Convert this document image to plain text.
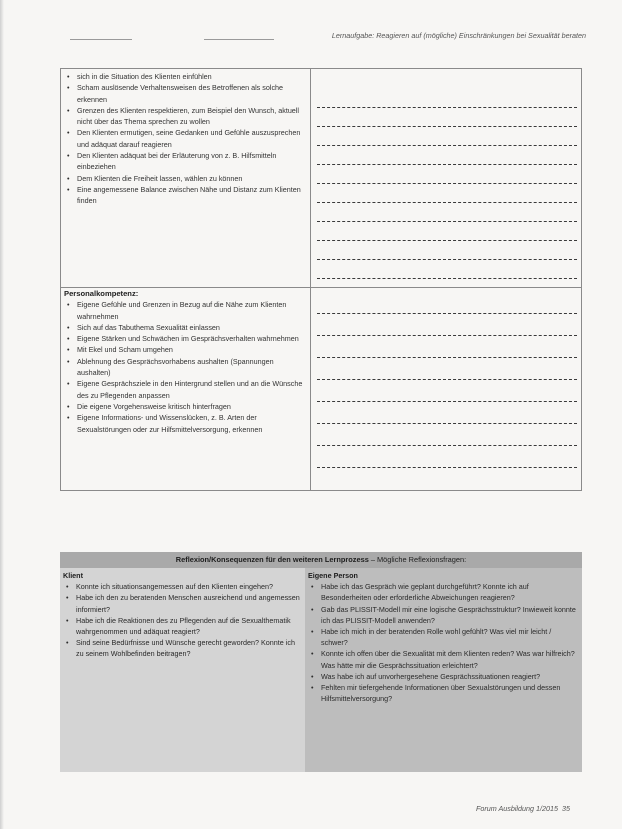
Lernaufgabe: Reagieren auf (mögliche) Einschränkungen bei Sexualität beraten
• sich in die Situation des Klienten einfühlen
• Scham auslösende Verhaltensweisen des Betroffenen als solche erkennen
• Grenzen des Klienten respektieren, zum Beispiel den Wunsch, aktuell nicht über das Thema sprechen zu wollen
• Den Klienten ermutigen, seine Gedanken und Gefühle auszusprechen und adäquat darauf reagieren
• Den Klienten adäquat bei der Erläuterung von z. B. Hilfsmitteln einbeziehen
• Dem Klienten die Freiheit lassen, wählen zu können
• Eine angemessene Balance zwischen Nähe und Distanz zum Klienten finden
Personalkompetenz:
• Eigene Gefühle und Grenzen in Bezug auf die Nähe zum Klienten wahrnehmen
• Sich auf das Tabuthema Sexualität einlassen
• Eigene Stärken und Schwächen im Gesprächsverhalten wahrnehmen
• Mit Ekel und Scham umgehen
• Ablehnung des Gesprächsvorhabens aushalten (Spannungen aushalten)
• Eigene Gesprächsziele in den Hintergrund stellen und an die Wünsche des zu Pflegenden anpassen
• Die eigene Vorgehensweise kritisch hinterfragen
• Eigene Informations- und Wissenslücken, z. B. Arten der Sexualstörungen oder zur Hilfsmittelversorgung, erkennen
Reflexion/Konsequenzen für den weiteren Lernprozess – Mögliche Reflexionsfragen:
Klient
• Konnte ich situationsangemessen auf den Klienten eingehen?
• Habe ich den zu beratenden Menschen ausreichend und angemessen informiert?
• Habe ich die Reaktionen des zu Pflegenden auf die Sexualthematik wahrgenommen und adäquat reagiert?
• Sind seine Bedürfnisse und Wünsche gerecht geworden? Konnte ich zu seinem Wohlbefinden beitragen?
Eigene Person
• Habe ich das Gespräch wie geplant durchgeführt? Konnte ich auf Besonderheiten oder erforderliche Abweichungen reagieren?
• Gab das PLISSIT-Modell mir eine logische Gesprächsstruktur? Inwieweit konnte ich das PLISSIT-Modell anwenden?
• Habe ich mich in der beratenden Rolle wohl gefühlt? Was viel mir leicht / schwer?
• Konnte ich offen über die Sexualität mit dem Klienten reden? Was war hilfreich? Was hätte mir die Gesprächssituation erleichtert?
• Was habe ich auf unvorhergesehene Gesprächssituationen reagiert?
• Fehlten mir tiefergehende Informationen über Sexualstörungen und dessen Hilfsmittelversorgung?
Forum Ausbildung 1/2015 35
